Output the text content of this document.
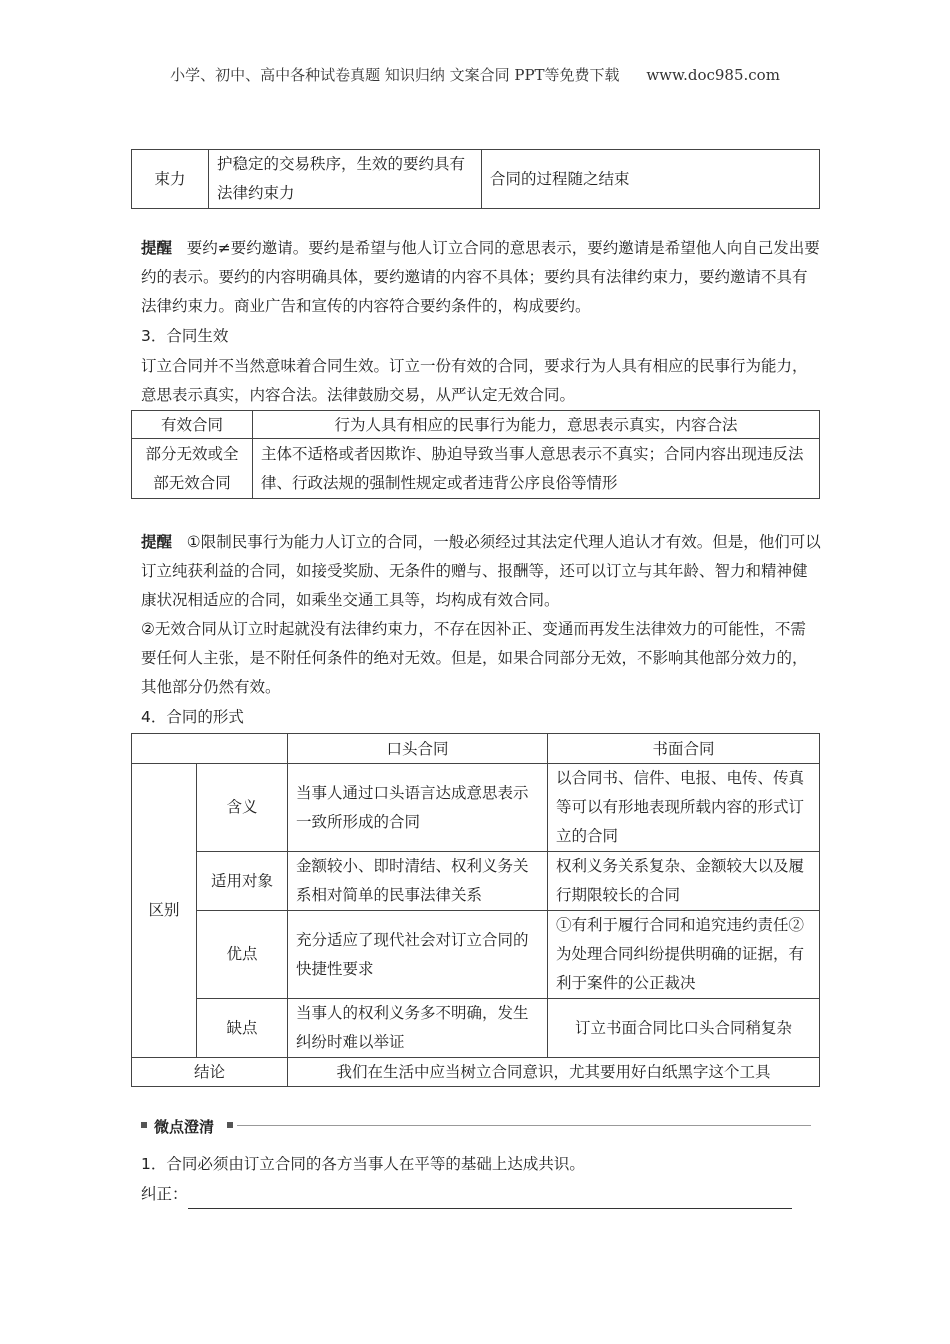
小学、初中、高中各种试卷真题 知识归纳 文案合同 PPT等免费下载 www.doc985.com
束力	护稳定的交易秩序，生效的要约具有法律约束力	合同的过程随之结束
提醒 要约≠要约邀请。要约是希望与他人订立合同的意思表示，要约邀请是希望他人向自己发出要约的表示。要约的内容明确具体，要约邀请的内容不具体；要约具有法律约束力，要约邀请不具有法律约束力。商业广告和宣传的内容符合要约条件的，构成要约。
3．合同生效
订立合同并不当然意味着合同生效。订立一份有效的合同，要求行为人具有相应的民事行为能力，意思表示真实，内容合法。法律鼓励交易，从严认定无效合同。
有效合同	行为人具有相应的民事行为能力，意思表示真实，内容合法
部分无效或全部无效合同	主体不适格或者因欺诈、胁迫导致当事人意思表示不真实；合同内容出现违反法律、行政法规的强制性规定或者违背公序良俗等情形
提醒 ①限制民事行为能力人订立的合同，一般必须经过其法定代理人追认才有效。但是，他们可以订立纯获利益的合同，如接受奖励、无条件的赠与、报酬等，还可以订立与其年龄、智力和精神健康状况相适应的合同，如乘坐交通工具等，均构成有效合同。
②无效合同从订立时起就没有法律约束力，不存在因补正、变通而再发生法律效力的可能性，不需要任何人主张，是不附任何条件的绝对无效。但是，如果合同部分无效，不影响其他部分效力的，其他部分仍然有效。
4．合同的形式
		口头合同	书面合同
区别	含义	当事人通过口头语言达成意思表示一致所形成的合同	以合同书、信件、电报、电传、传真等可以有形地表现所载内容的形式订立的合同
	适用对象	金额较小、即时清结、权利义务关系相对简单的民事法律关系	权利义务关系复杂、金额较大以及履行期限较长的合同
	优点	充分适应了现代社会对订立合同的快捷性要求	①有利于履行合同和追究违约责任②为处理合同纠纷提供明确的证据，有利于案件的公正裁决
	缺点	当事人的权利义务多不明确，发生纠纷时难以举证	订立书面合同比口头合同稍复杂
结论		我们在生活中应当树立合同意识，尤其要用好白纸黑字这个工具	
微点澄清
1．合同必须由订立合同的各方当事人在平等的基础上达成共识。
纠正：
